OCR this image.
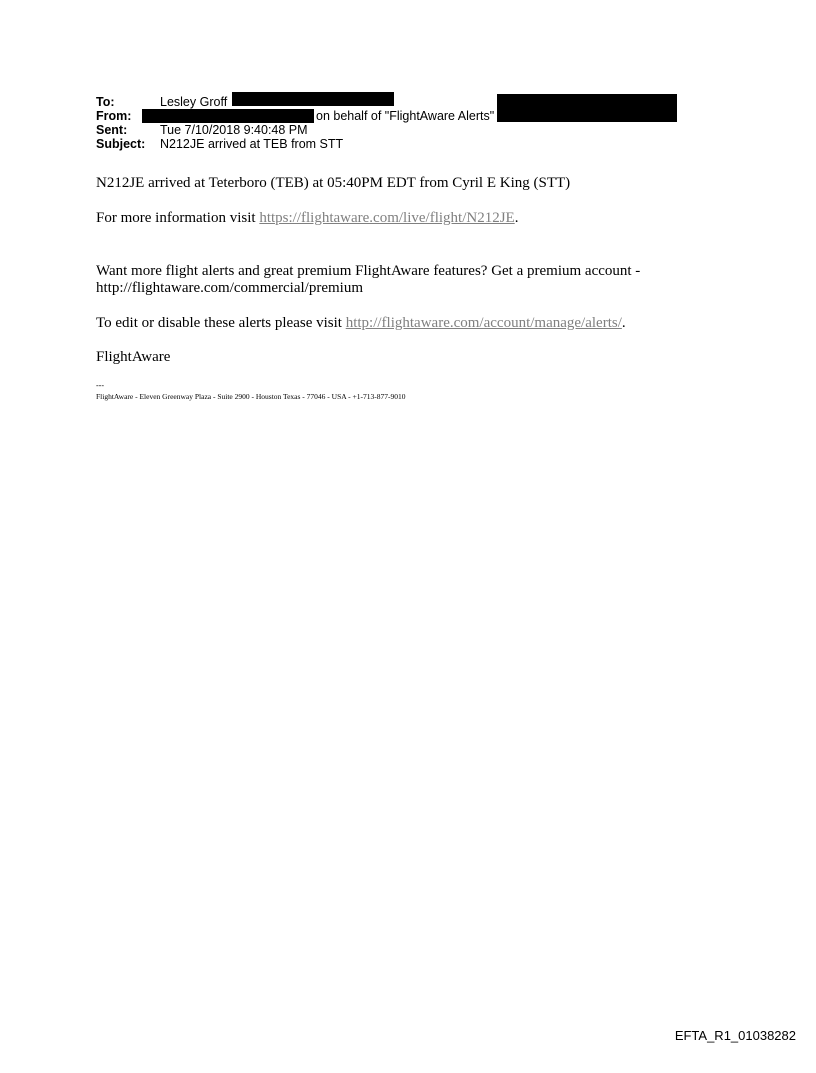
To:	Lesley Groff
From:	on behalf of "FlightAware Alerts"
Sent:	Tue 7/10/2018 9:40:48 PM
Subject: N212JE arrived at TEB from STT
N212JE arrived at Teterboro (TEB) at 05:40PM EDT from Cyril E King (STT)
For more information visit https://flightaware.com/live/flight/N212JE.
Want more flight alerts and great premium FlightAware features? Get a premium account -
http://flightaware.com/commercial/premium
To edit or disable these alerts please visit http://flightaware.com/account/manage/alerts/.
FlightAware
---
FlightAware - Eleven Greenway Plaza - Suite 2900 - Houston Texas - 77046 - USA - +1-713-877-9010
EFTA_R1_01038282
